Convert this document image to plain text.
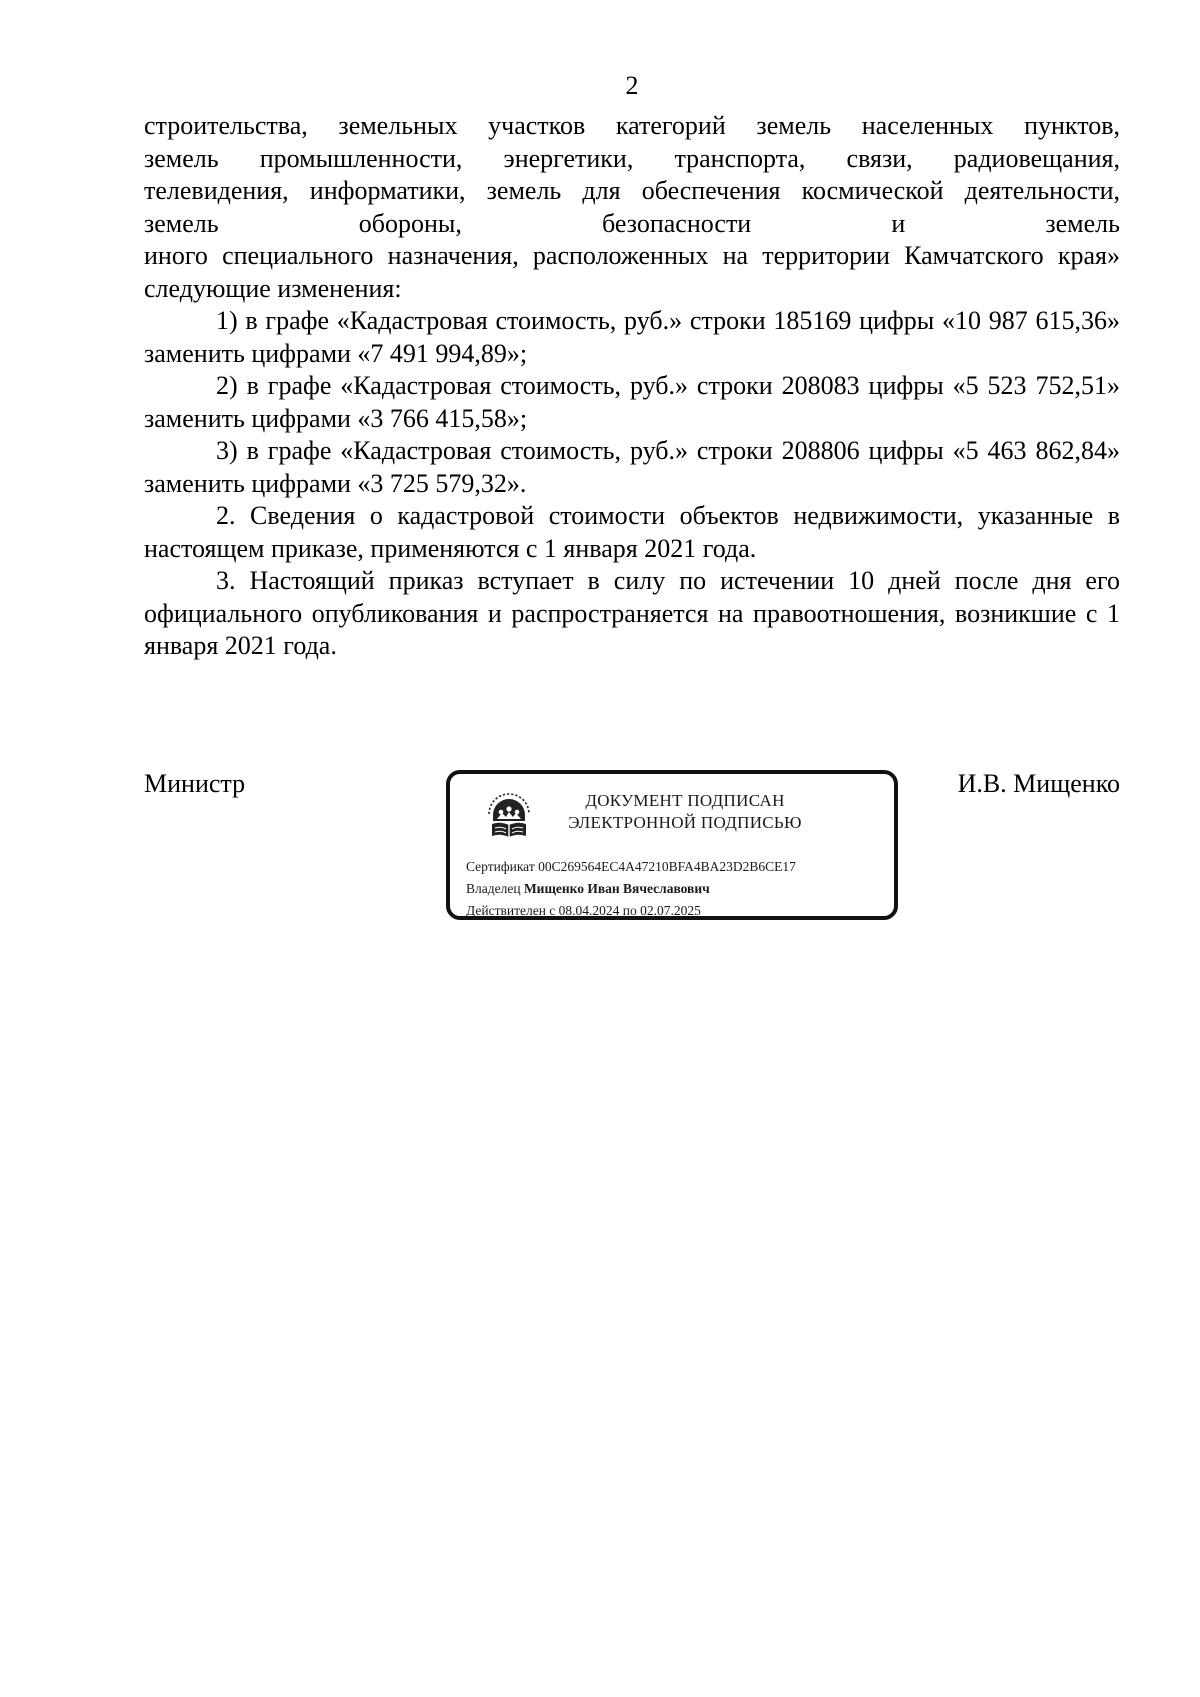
2

строительства, земельных участков категорий земель населенных пунктов,
земель промышленности, энергетики, транспорта, связи, радиовещания,
телевидения, информатики, земель для обеспечения космической деятельности,
земель обороны, безопасности и земель
иного специального назначения, расположенных на территории Камчатского края» следующие изменения:

1) в графе «Кадастровая стоимость, руб.» строки 185169 цифры «10 987 615,36» заменить цифрами «7 491 994,89»;

2) в графе «Кадастровая стоимость, руб.» строки 208083 цифры «5 523 752,51» заменить цифрами «3 766 415,58»;

3) в графе «Кадастровая стоимость, руб.» строки 208806 цифры «5 463 862,84» заменить цифрами «3 725 579,32».

2. Сведения о кадастровой стоимости объектов недвижимости, указанные в настоящем приказе, применяются с 1 января 2021 года.

3. Настоящий приказ вступает в силу по истечении 10 дней после дня его официального опубликования и распространяется на правоотношения, возникшие с 1 января 2021 года.

Министр
ДОКУМЕНТ ПОДПИСАН
ЭЛЕКТРОННОЙ ПОДПИСЬЮ
Сертификат 00C269564EC4A47210BFA4BA23D2B6CE17
Владелец Мищенко Иван Вячеславович
Действителен с 08.04.2024 по 02.07.2025
И.В. Мищенко
